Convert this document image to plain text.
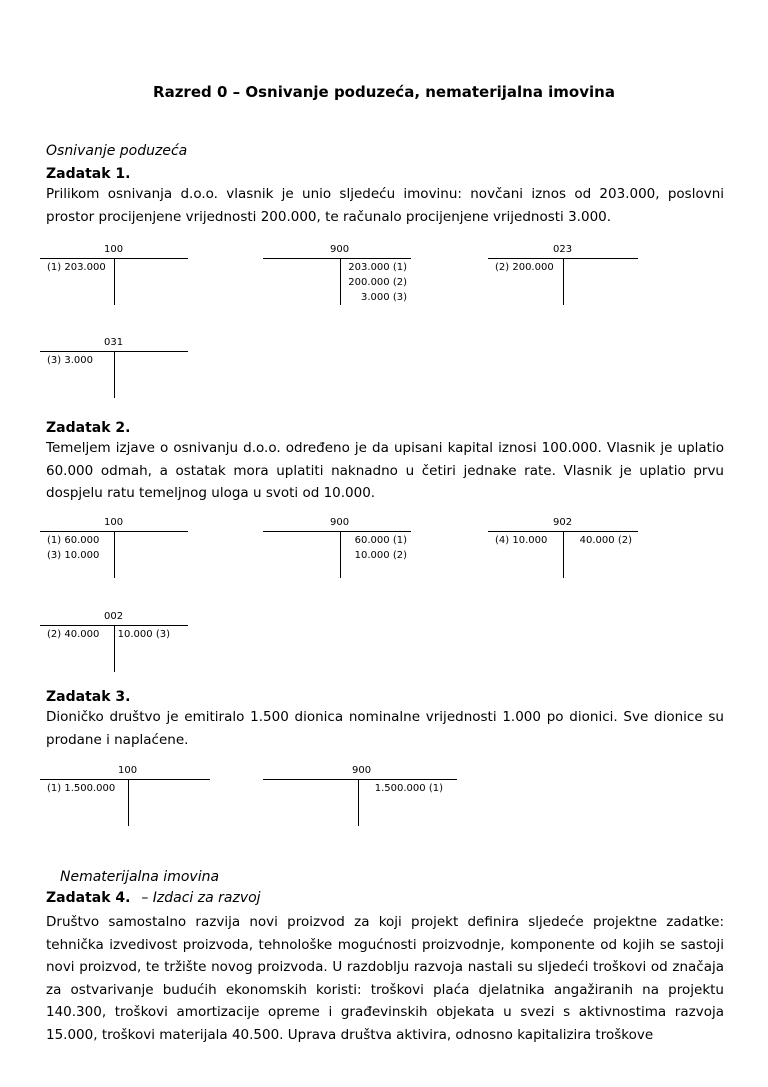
Razred 0 – Osnivanje poduzeća, nematerijalna imovina
Osnivanje poduzeća
Zadatak 1.
Prilikom osnivanja d.o.o. vlasnik je unio sljedeću imovinu: novčani iznos od 203.000, poslovni prostor procijenjene vrijednosti 200.000, te računalo procijenjene vrijednosti 3.000.
100
(1) 203.000
900
203.000 (1)
200.000 (2)
3.000 (3)
023
(2) 200.000
031
(3) 3.000
Zadatak 2.
Temeljem izjave o osnivanju d.o.o. određeno je da upisani kapital iznosi 100.000. Vlasnik je uplatio 60.000 odmah, a ostatak mora uplatiti naknadno u četiri jednake rate. Vlasnik je uplatio prvu dospjelu ratu temeljnog uloga u svoti od 10.000.
100
(1) 60.000
(3) 10.000
900
60.000 (1)
10.000 (2)
902
(4) 10.000	40.000 (2)
002
(2) 40.000 10.000 (3)
Zadatak 3.
Dioničko društvo je emitiralo 1.500 dionica nominalne vrijednosti 1.000 po dionici. Sve dionice su prodane i naplaćene.
100
(1) 1.500.000
900
1.500.000 (1)
Nematerijalna imovina
Zadatak 4. – Izdaci za razvoj
Društvo samostalno razvija novi proizvod za koji projekt definira sljedeće projektne zadatke: tehnička izvedivost proizvoda, tehnološke mogućnosti proizvodnje, komponente od kojih se sastoji novi proizvod, te tržište novog proizvoda. U razdoblju razvoja nastali su sljedeći troškovi od značaja za ostvarivanje budućih ekonomskih koristi: troškovi plaća djelatnika angažiranih na projektu 140.300, troškovi amortizacije opreme i građevinskih objekata u svezi s aktivnostima razvoja 15.000, troškovi materijala 40.500. Uprava društva aktivira, odnosno kapitalizira troškove
